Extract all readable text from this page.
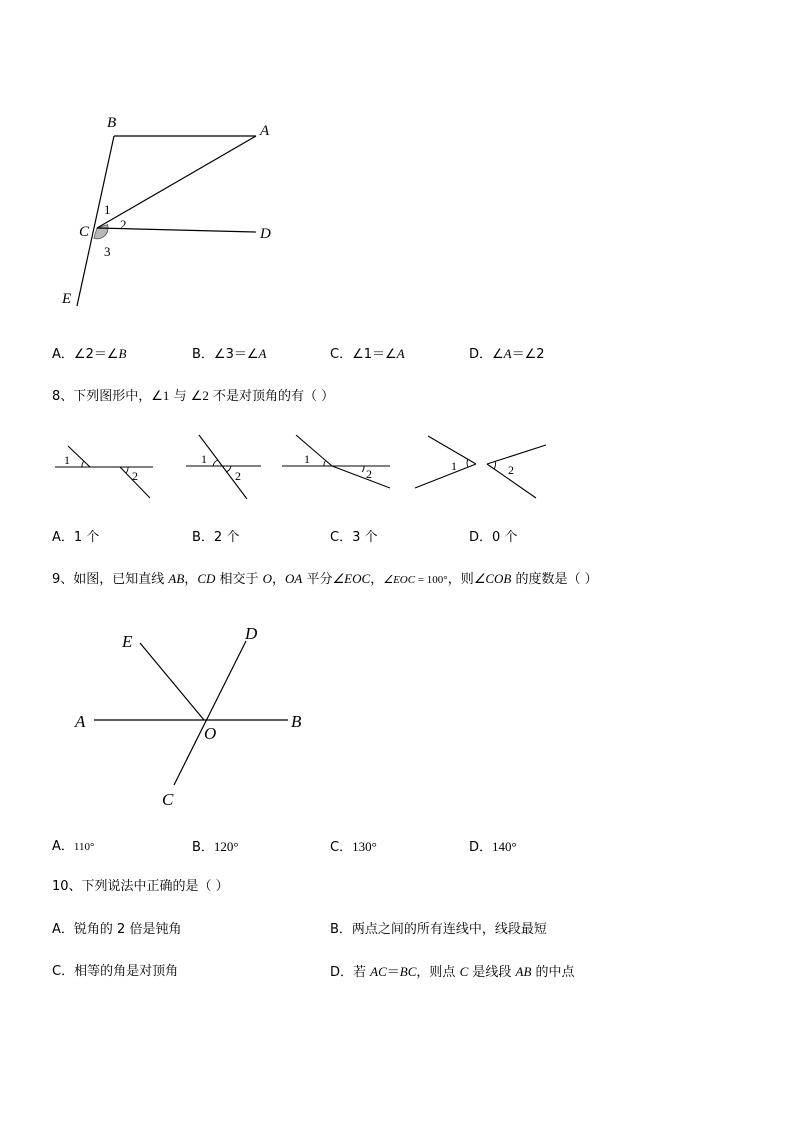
B	A
C	D
E
1
2
3
A．∠2＝∠B	B．∠3＝∠A	C．∠1＝∠A	D．∠A＝∠2
8、下列图形中，∠1 与 ∠2 不是对顶角的有（ ）
1
2
1
2
1
2
1	2
A．1 个	B．2 个	C．3 个	D．0 个
9、如图，已知直线 AB，CD 相交于 O，OA 平分∠EOC，∠EOC = 100°，则∠COB 的度数是（ ）
E	D
A
O
B
C
A．110°	B．120°	C．130°	D．140°
10、下列说法中正确的是（ ）
A．锐角的 2 倍是钝角	B．两点之间的所有连线中，线段最短
C．相等的角是对顶角	D．若 AC＝BC，则点 C 是线段 AB 的中点
